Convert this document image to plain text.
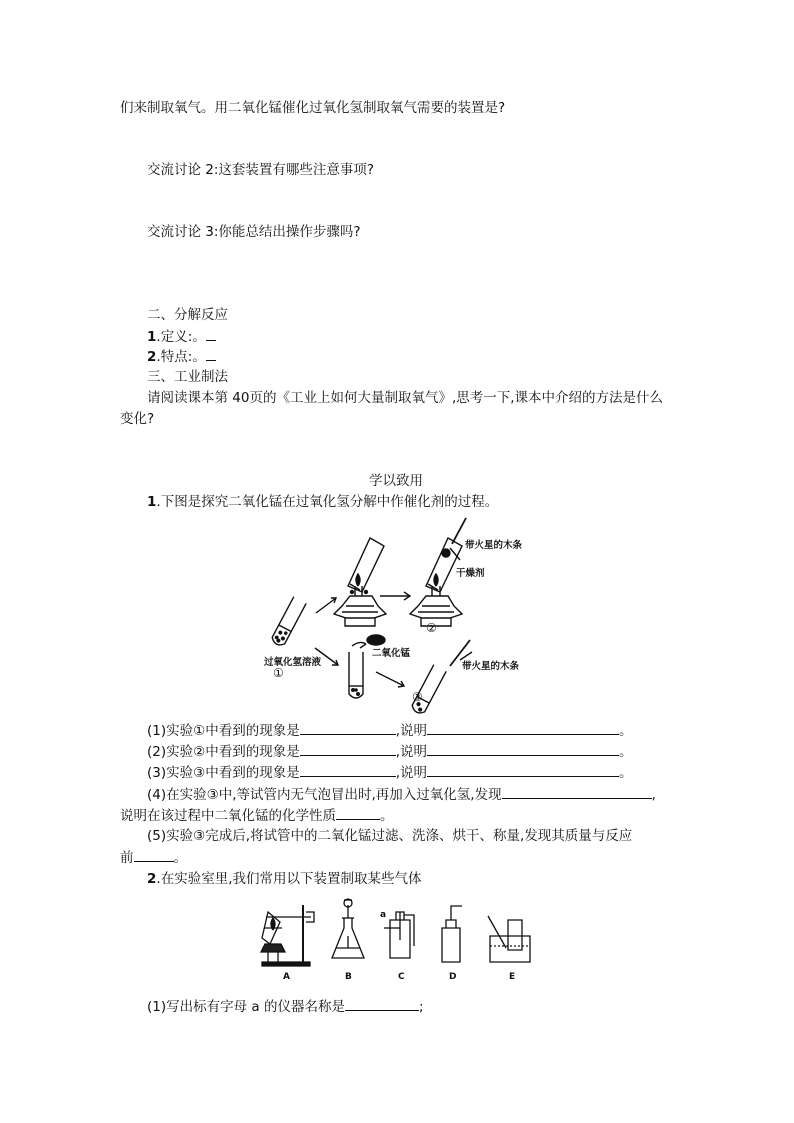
们来制取氧气。用二氧化锰催化过氧化氢制取氧气需要的装置是?
交流讨论 2:这套装置有哪些注意事项?
交流讨论 3:你能总结出操作步骤吗?
二、分解反应
1.定义:。
2.特点:。
三、工业制法
请阅读课本第 40页的《工业上如何大量制取氧气》,思考一下,课本中介绍的方法是什么
变化?
学以致用
1.下图是探究二氧化锰在过氧化氢分解中作催化剂的过程。
带火星的木条
干燥剂
过氧化氢溶液
二氧化锰
带火星的木条
①
②
③
(1)实验①中看到的现象是	,说明	。
(2)实验②中看到的现象是	,说明	。
(3)实验③中看到的现象是	,说明	。
(4)在实验③中,等试管内无气泡冒出时,再加入过氧化氢,发现	,
说明在该过程中二氧化锰的化学性质	。
(5)实验③完成后,将试管中的二氧化锰过滤、洗涤、烘干、称量,发现其质量与反应
前	。
2.在实验室里,我们常用以下装置制取某些气体
a
A	B	C	D	E
(1)写出标有字母 a 的仪器名称是	;
